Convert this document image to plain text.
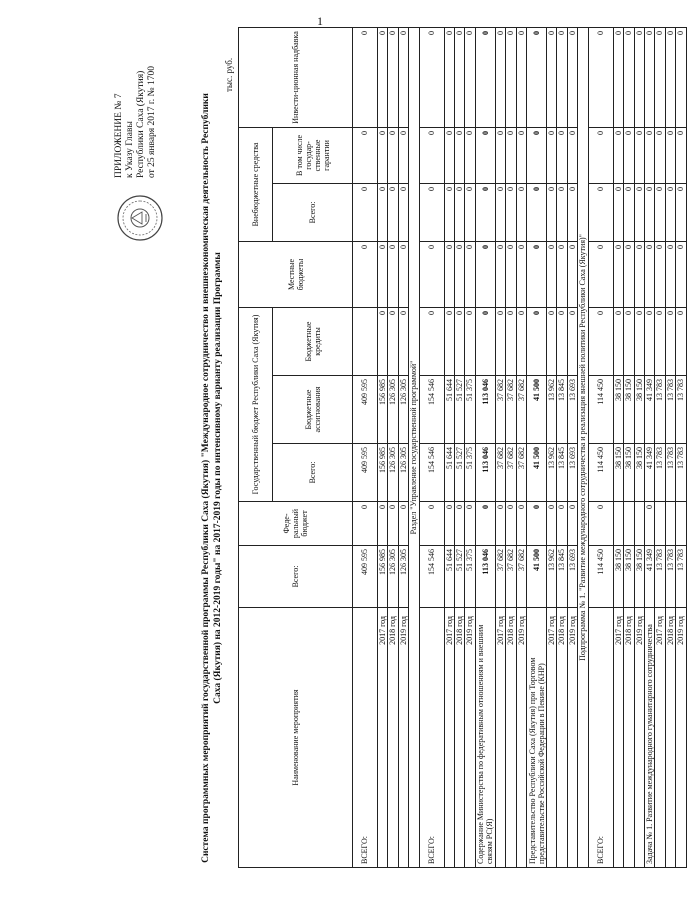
1
ПРИЛОЖЕНИЕ № 7 к Указу Главы Республики Саха (Якутия) от 25 января 2017 г. № 1700	Система программных мероприятий государственной программы Республики Саха (Якутия) "Международное сотрудничество и внешнеэкономическая деятельность Республики Саха (Якутия) на 2012-2019 годы" на 2017-2019 годы по интенсивному варианту реализации Программы
тыс. руб.
Наименование мероприятия	Всего:	Феде-ральный бюджет	Государственный бюджет Республики Саха (Якутия)			Местные бюджеты	Внебюджетные средства		Инвести-ционная надбавка
			Всего:	Бюджетные ассигнования	Бюджетные кредиты		Всего:	В том числе государ-ственные гарантии	
ВСЕГО:	409 595	0	409 595	409 595		0	0	0	0
2017 год	156 985	0	156 985	156 985	0	0	0	0	0
2018 год	126 305	0	126 305	126 305	0	0	0	0	0
2019 год	126 305	0	126 305	126 305	0	0	0	0	0
Раздел "Управление государственной программой"									
ВСЕГО:	154 546	0	154 546	154 546	0	0	0	0	0
2017 год	51 644	0	51 644	51 644	0	0	0	0	0
2018 год	51 527	0	51 527	51 527	0	0	0	0	0
2019 год	51 375	0	51 375	51 375	0	0	0	0	0
Содержание Министерства по федеративным отношениям и внешним связям РС(Я)	113 046	0	113 046	113 046	0	0	0	0	0
2017 год	37 682	0	37 682	37 682	0	0	0	0	0
2018 год	37 682	0	37 682	37 682	0	0	0	0	0
2019 год	37 682	0	37 682	37 682	0	0	0	0	0
Представительство Республики Саха (Якутия) при Торговом представительстве Российской Федерации в Пекине (КНР)	41 500	0	41 500	41 500	0	0	0	0	0
2017 год	13 962	0	13 962	13 962	0	0	0	0	0
2018 год	13 845	0	13 845	13 845	0	0	0	0	0
2019 год	13 693	0	13 693	13 693	0	0	0	0	0
Подпрограмма № 1. "Развитие международного сотрудничества и реализация внешней политики Республики Саха (Якутия)"									
ВСЕГО:	114 450	0	114 450	114 450	0	0	0	0	0
2017 год	38 150		38 150	38 150	0	0	0	0	0
2018 год	38 150		38 150	38 150	0	0	0	0	0
2019 год	38 150		38 150	38 150	0	0	0	0	0
Задача № 1. Развитие международного гуманитарного сотрудничества	41 349	0	41 349	41 349	0	0	0	0	0
2017 год	13 783		13 783	13 783	0	0	0	0	0
2018 год	13 783		13 783	13 783	0	0	0	0	0
2019 год	13 783		13 783	13 783	0	0	0	0	0
